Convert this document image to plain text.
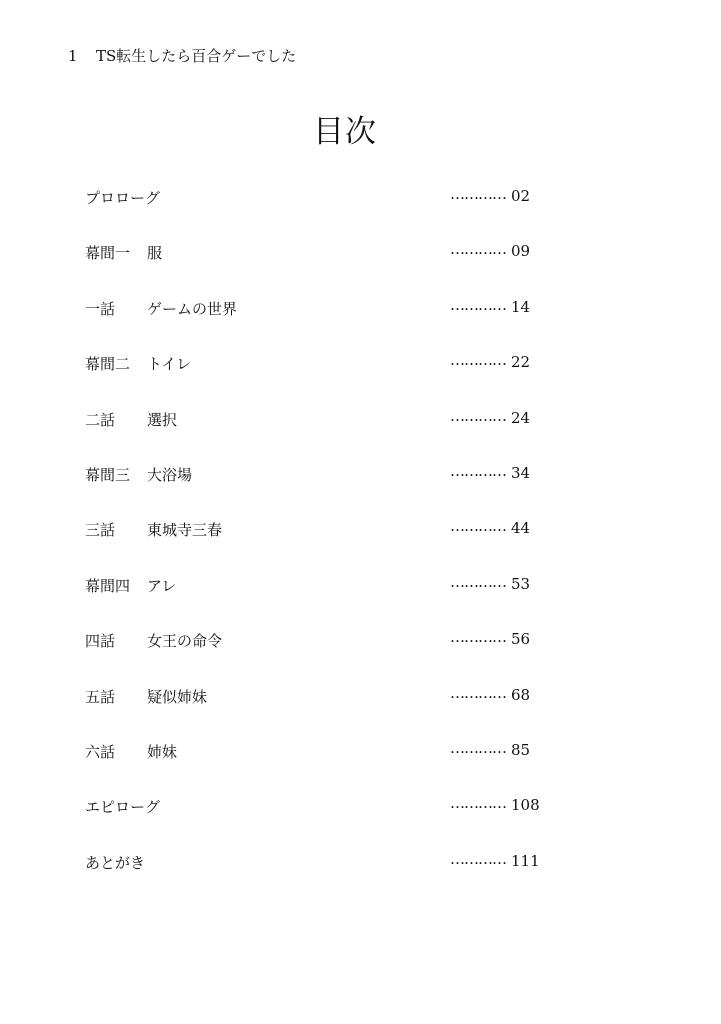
1 TS転生したら百合ゲーでした
目次
プロローグ	………… 02
幕間一 服	………… 09
一話 ゲームの世界	………… 14
幕間二 トイレ	………… 22
二話 選択	………… 24
幕間三 大浴場	………… 34
三話 東城寺三春	………… 44
幕間四 アレ	………… 53
四話 女王の命令	………… 56
五話 疑似姉妹	………… 68
六話 姉妹	………… 85
エピローグ	………… 108
あとがき	………… 111
